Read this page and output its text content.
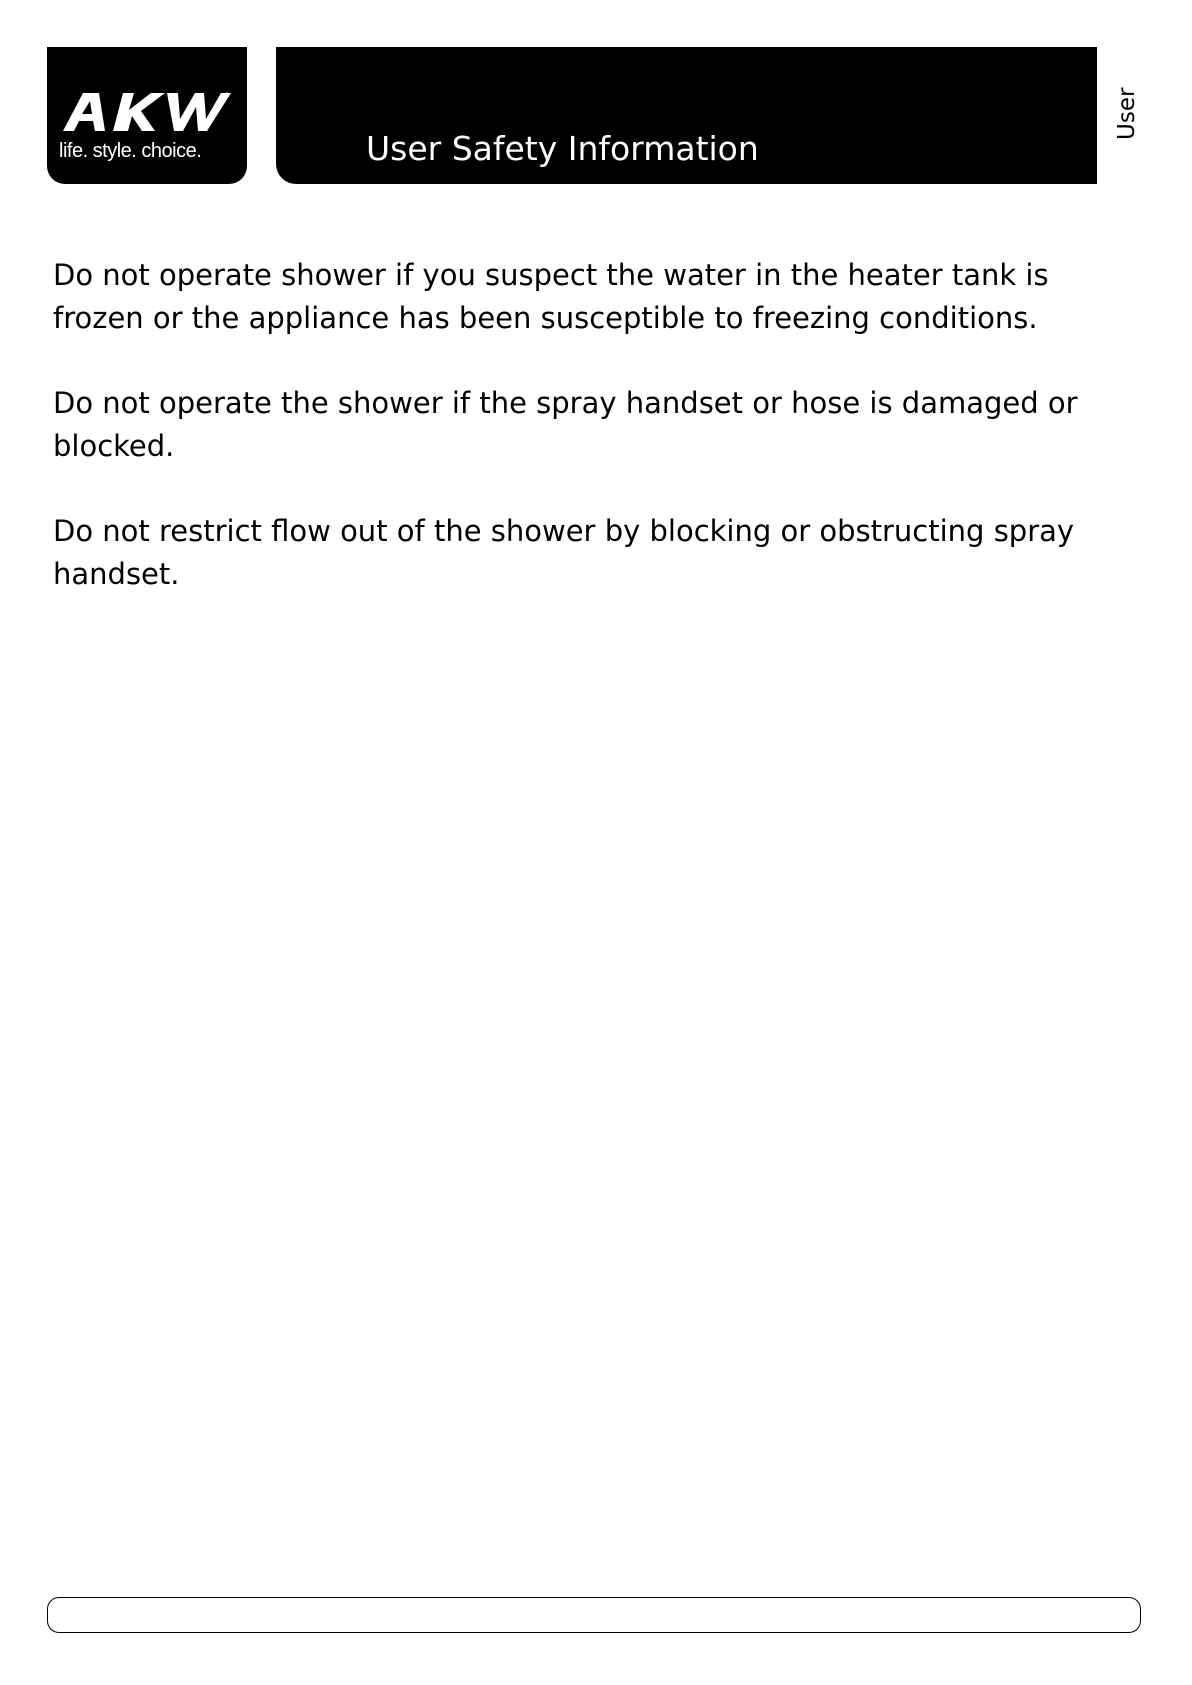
life. style. choice.	User Safety Information
User

Do not operate shower if you suspect the water in the heater tank is frozen or the appliance has been susceptible to freezing conditions.

Do not operate the shower if the spray handset or hose is damaged or blocked.

Do not restrict flow out of the shower by blocking or obstructing spray handset.
